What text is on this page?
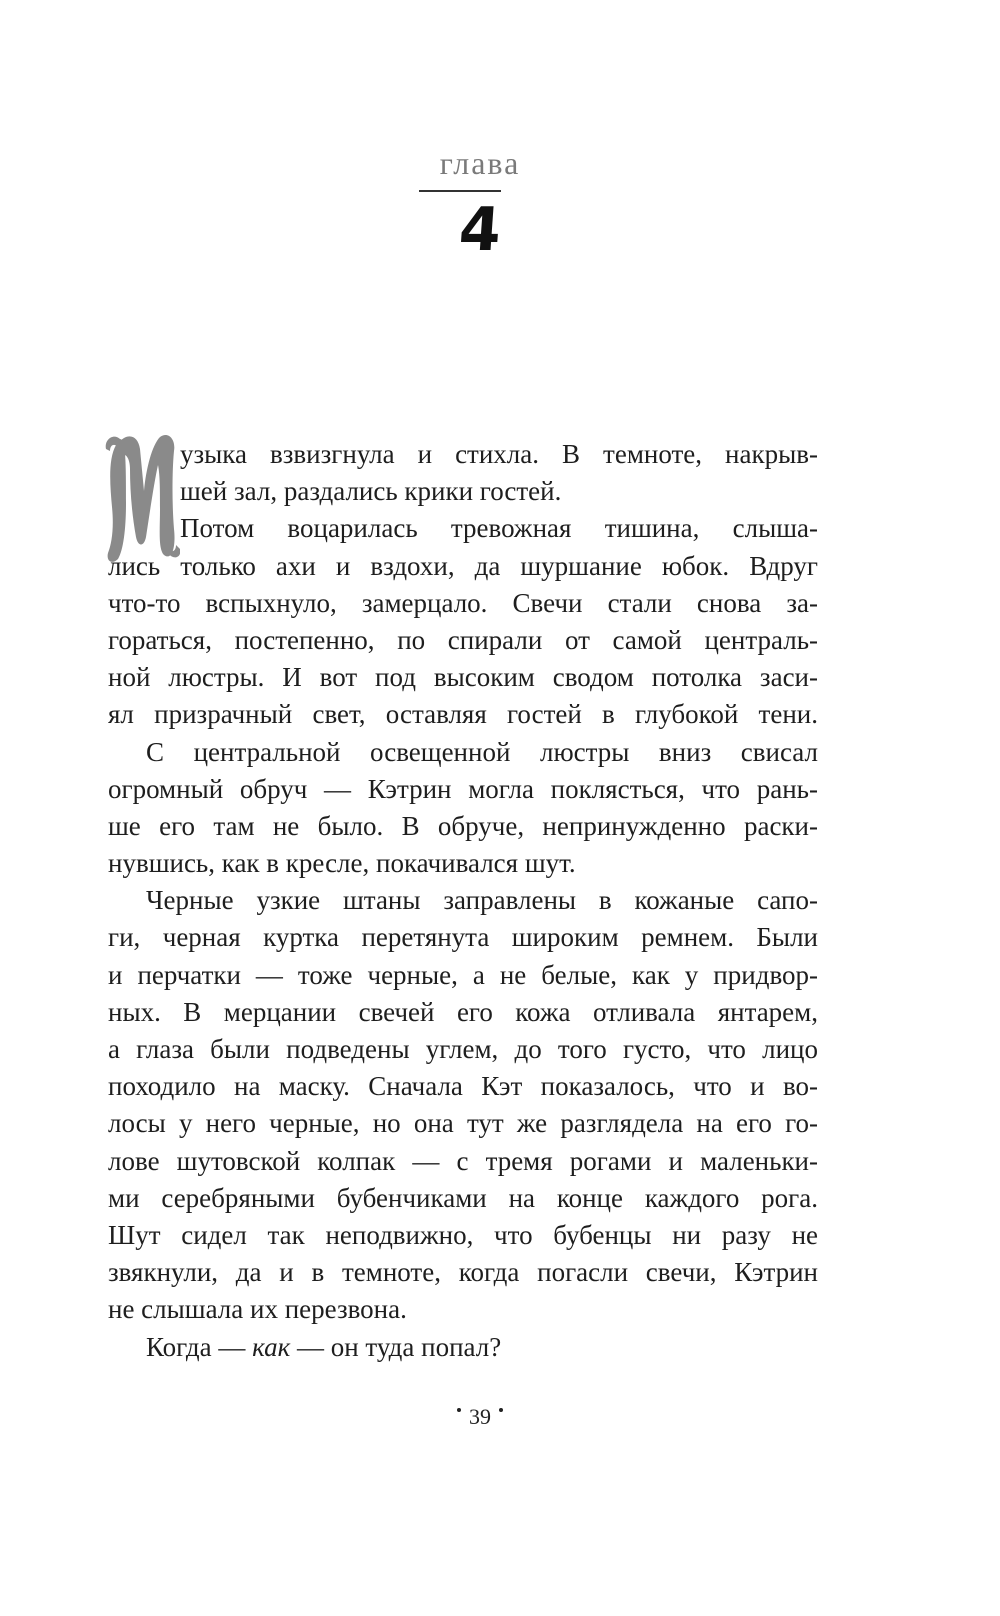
глава
4
узыка взвизгнула и стихла. В темноте, накрыв-
шей зал, раздались крики гостей.
Потом воцарилась тревожная тишина, слыша-
лись только ахи и вздохи, да шуршание юбок. Вдруг
что-то вспыхнуло, замерцало. Свечи стали снова за-
гораться, постепенно, по спирали от самой централь-
ной люстры. И вот под высоким сводом потолка заси-
ял призрачный свет, оставляя гостей в глубокой тени.
С центральной освещенной люстры вниз свисал
огромный обруч — Кэтрин могла поклясться, что рань-
ше его там не было. В обруче, непринужденно раски-
нувшись, как в кресле, покачивался шут.
Черные узкие штаны заправлены в кожаные сапо-
ги, черная куртка перетянута широким ремнем. Были
и перчатки — тоже черные, а не белые, как у придвор-
ных. В мерцании свечей его кожа отливала янтарем,
а глаза были подведены углем, до того густо, что лицо
походило на маску. Сначала Кэт показалось, что и во-
лосы у него черные, но она тут же разглядела на его го-
лове шутовской колпак — с тремя рогами и маленьки-
ми серебряными бубенчиками на конце каждого рога.
Шут сидел так неподвижно, что бубенцы ни разу не
звякнули, да и в темноте, когда погасли свечи, Кэтрин
не слышала их перезвона.
Когда — как — он туда попал?
39
